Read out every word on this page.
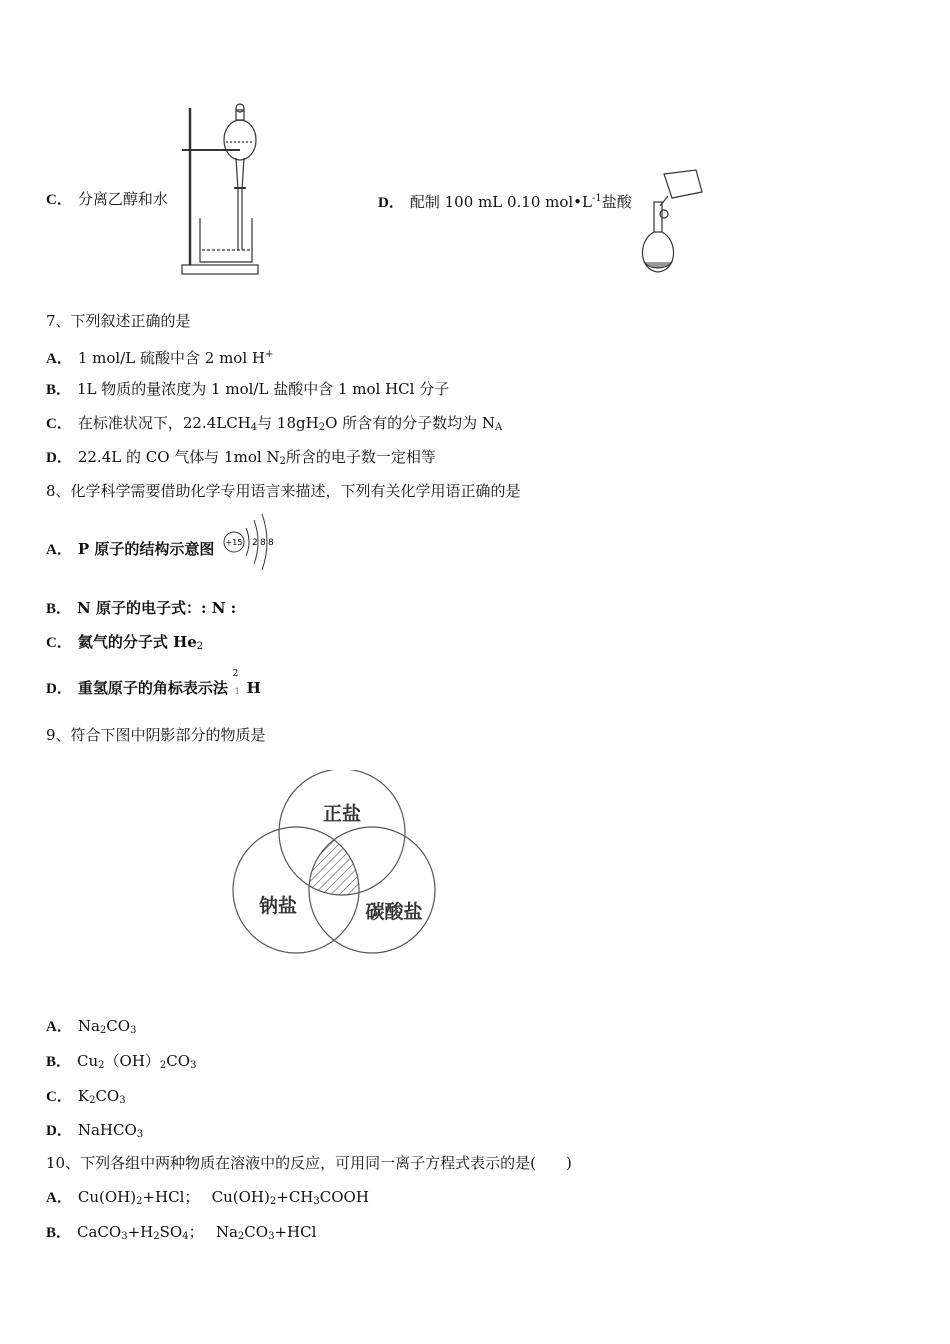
C． 分离乙醇和水	D． 配制 100 mL 0.10 $mol•L^{-1}$盐酸
7、下列叙述正确的是
A． 1 mol/L 硫酸中含 2 mol H+
B． 1L 物质的量浓度为 1 mol/L 盐酸中含 1 mol HCl 分子
C． 在标准状况下，$22.4LCH_4$与 $18gH_2O$ 所含有的分子数均为 $N_A$
D． 22.4L 的 CO 气体与 1mol $N_2$所含的电子数一定相等
8、化学科学需要借助化学专用语言来描述，下列有关化学用语正确的是
A． P 原子的结构示意图 +15 2 8 8
B． N 原子的电子式：: N :
C． 氦气的分子式 $He_2$
D． 重氢原子的角标表示法
2
1 H
9、符合下图中阴影部分的物质是
正盐
钠盐	碳酸盐
A． $Na_2CO_3$
B． $Cu_2(OH)_2CO_3$
C． $K_2CO_3$
D． NaHCO$_3$
10、下列各组中两种物质在溶液中的反应，可用同一离子方程式表示的是(　　)
A． $Cu(OH)_2+HCl$；　 $Cu(OH)_2+CH_3COOH$
B． $CaCO_3+H_2SO_4$；　 $Na_2CO_3+HCl$
